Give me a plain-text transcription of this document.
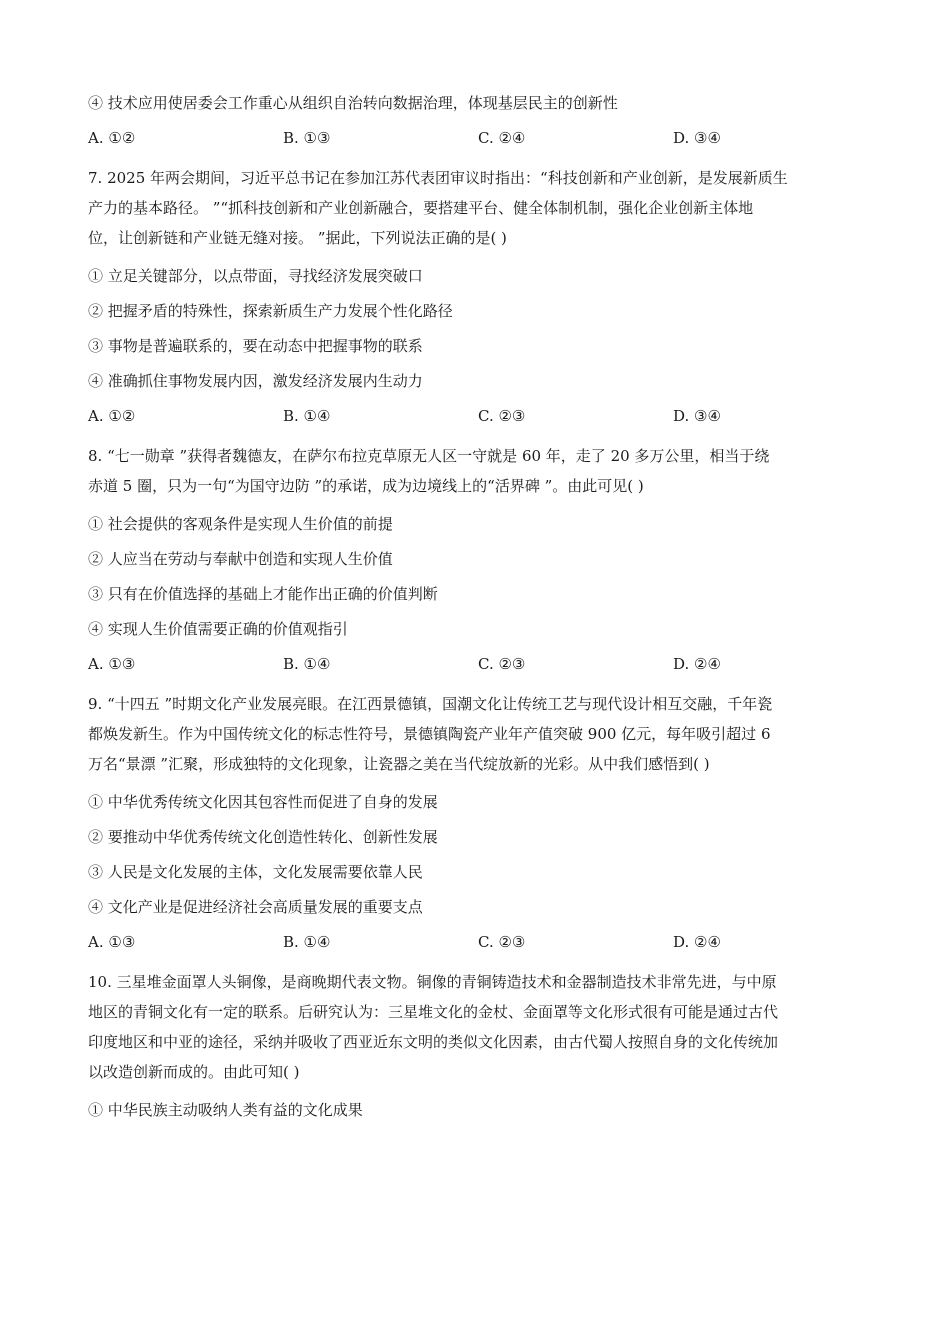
④ 技术应用使居委会工作重心从组织自治转向数据治理，体现基层民主的创新性
A. ①②	B. ①③	C. ②④	D. ③④
7. 2025 年两会期间，习近平总书记在参加江苏代表团审议时指出：“科技创新和产业创新，是发展新质生
产力的基本路径。 ”“抓科技创新和产业创新融合，要搭建平台、健全体制机制，强化企业创新主体地
位，让创新链和产业链无缝对接。 ”据此，下列说法正确的是( )
① 立足关键部分，以点带面，寻找经济发展突破口
② 把握矛盾的特殊性，探索新质生产力发展个性化路径
③ 事物是普遍联系的，要在动态中把握事物的联系
④ 准确抓住事物发展内因，激发经济发展内生动力
A. ①②	B. ①④	C. ②③	D. ③④
8. “七一勋章 ”获得者魏德友，在萨尔布拉克草原无人区一守就是 60 年，走了 20 多万公里，相当于绕
赤道 5 圈，只为一句“为国守边防 ”的承诺，成为边境线上的“活界碑 ”。由此可见( )
① 社会提供的客观条件是实现人生价值的前提
② 人应当在劳动与奉献中创造和实现人生价值
③ 只有在价值选择的基础上才能作出正确的价值判断
④ 实现人生价值需要正确的价值观指引
A. ①③	B. ①④	C. ②③	D. ②④
9. “十四五 ”时期文化产业发展亮眼。在江西景德镇，国潮文化让传统工艺与现代设计相互交融，千年瓷
都焕发新生。作为中国传统文化的标志性符号，景德镇陶瓷产业年产值突破 900 亿元，每年吸引超过 6
万名“景漂 ”汇聚，形成独特的文化现象，让瓷器之美在当代绽放新的光彩。从中我们感悟到( )
① 中华优秀传统文化因其包容性而促进了自身的发展
② 要推动中华优秀传统文化创造性转化、创新性发展
③ 人民是文化发展的主体，文化发展需要依靠人民
④ 文化产业是促进经济社会高质量发展的重要支点
A. ①③	B. ①④	C. ②③	D. ②④
10. 三星堆金面罩人头铜像，是商晚期代表文物。铜像的青铜铸造技术和金器制造技术非常先进，与中原
地区的青铜文化有一定的联系。后研究认为：三星堆文化的金杖、金面罩等文化形式很有可能是通过古代
印度地区和中亚的途径，采纳并吸收了西亚近东文明的类似文化因素，由古代蜀人按照自身的文化传统加
以改造创新而成的。由此可知( )
① 中华民族主动吸纳人类有益的文化成果
